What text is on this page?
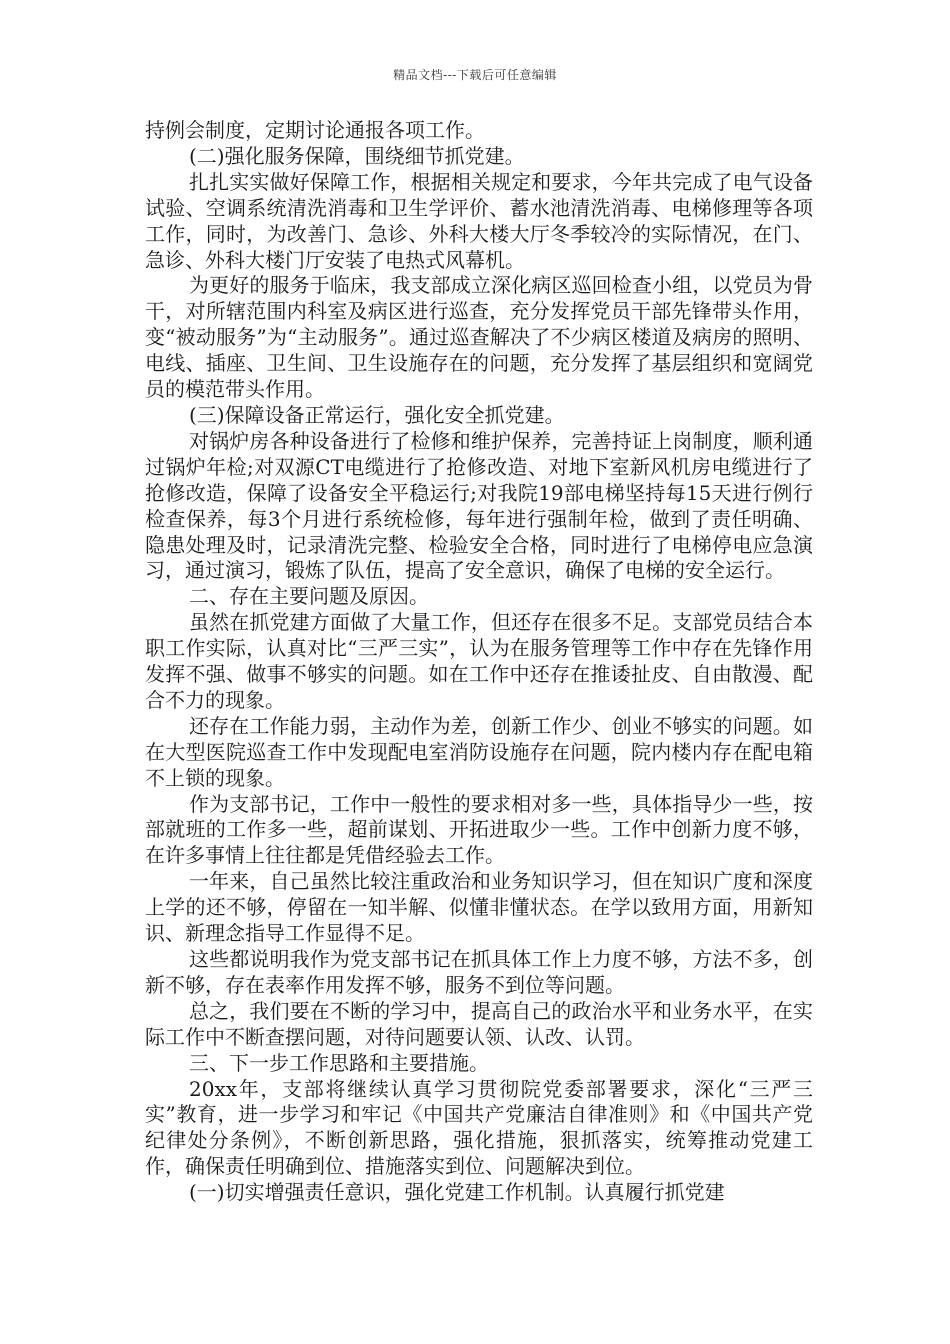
精品文档---下载后可任意编辑

持例会制度，定期讨论通报各项工作。

(二)强化服务保障，围绕细节抓党建。

扎扎实实做好保障工作，根据相关规定和要求，今年共完成了电气设备试验、空调系统清洗消毒和卫生学评价、蓄水池清洗消毒、电梯修理等各项工作，同时，为改善门、急诊、外科大楼大厅冬季较冷的实际情况，在门、急诊、外科大楼门厅安装了电热式风幕机。

为更好的服务于临床，我支部成立深化病区巡回检查小组，以党员为骨干，对所辖范围内科室及病区进行巡查，充分发挥党员干部先锋带头作用，变“被动服务”为“主动服务”。通过巡查解决了不少病区楼道及病房的照明、电线、插座、卫生间、卫生设施存在的问题，充分发挥了基层组织和宽阔党员的模范带头作用。

(三)保障设备正常运行，强化安全抓党建。

对锅炉房各种设备进行了检修和维护保养，完善持证上岗制度，顺利通过锅炉年检;对双源CT电缆进行了抢修改造、对地下室新风机房电缆进行了抢修改造，保障了设备安全平稳运行;对我院19部电梯坚持每15天进行例行检查保养，每3个月进行系统检修，每年进行强制年检，做到了责任明确、隐患处理及时，记录清洗完整、检验安全合格，同时进行了电梯停电应急演习，通过演习，锻炼了队伍，提高了安全意识，确保了电梯的安全运行。

二、存在主要问题及原因。

虽然在抓党建方面做了大量工作，但还存在很多不足。支部党员结合本职工作实际，认真对比“三严三实”，认为在服务管理等工作中存在先锋作用发挥不强、做事不够实的问题。如在工作中还存在推诿扯皮、自由散漫、配合不力的现象。

还存在工作能力弱，主动作为差，创新工作少、创业不够实的问题。如在大型医院巡查工作中发现配电室消防设施存在问题，院内楼内存在配电箱不上锁的现象。

作为支部书记，工作中一般性的要求相对多一些，具体指导少一些，按部就班的工作多一些，超前谋划、开拓进取少一些。工作中创新力度不够，在许多事情上往往都是凭借经验去工作。

一年来，自己虽然比较注重政治和业务知识学习，但在知识广度和深度上学的还不够，停留在一知半解、似懂非懂状态。在学以致用方面，用新知识、新理念指导工作显得不足。

这些都说明我作为党支部书记在抓具体工作上力度不够，方法不多，创新不够，存在表率作用发挥不够，服务不到位等问题。

总之，我们要在不断的学习中，提高自己的政治水平和业务水平，在实际工作中不断查摆问题，对待问题要认领、认改、认罚。

三、下一步工作思路和主要措施。

20xx年，支部将继续认真学习贯彻院党委部署要求，深化“三严三实”教育，进一步学习和牢记《中国共产党廉洁自律准则》和《中国共产党纪律处分条例》，不断创新思路，强化措施，狠抓落实，统筹推动党建工作，确保责任明确到位、措施落实到位、问题解决到位。

(一)切实增强责任意识，强化党建工作机制。认真履行抓党建
